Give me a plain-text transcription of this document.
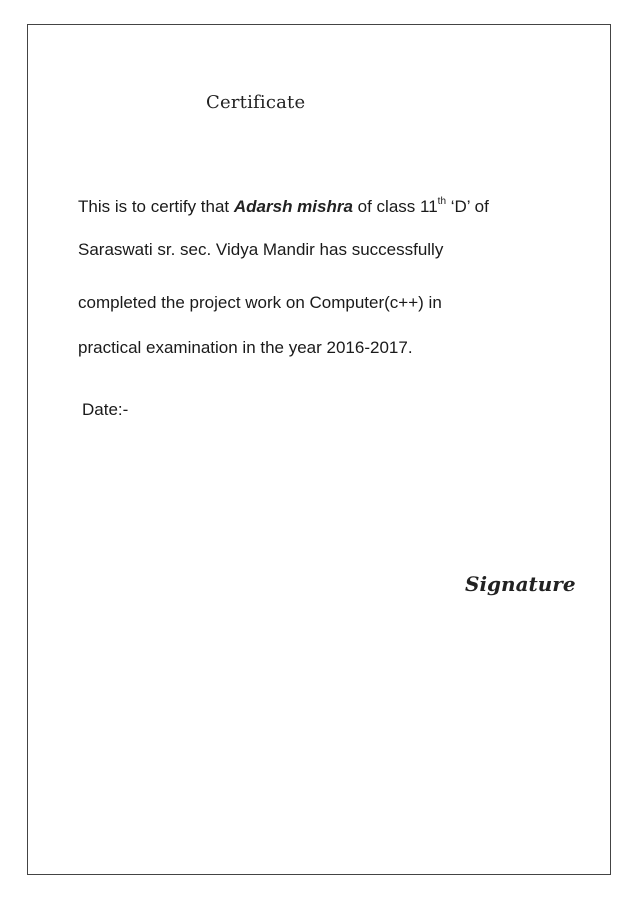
Certificate
This is to certify that Adarsh mishra of class 11th ‘D’ of
Saraswati sr. sec. Vidya Mandir has successfully
completed the project work on Computer(c++) in
practical examination in the year 2016-2017.
Date:-
Signature
